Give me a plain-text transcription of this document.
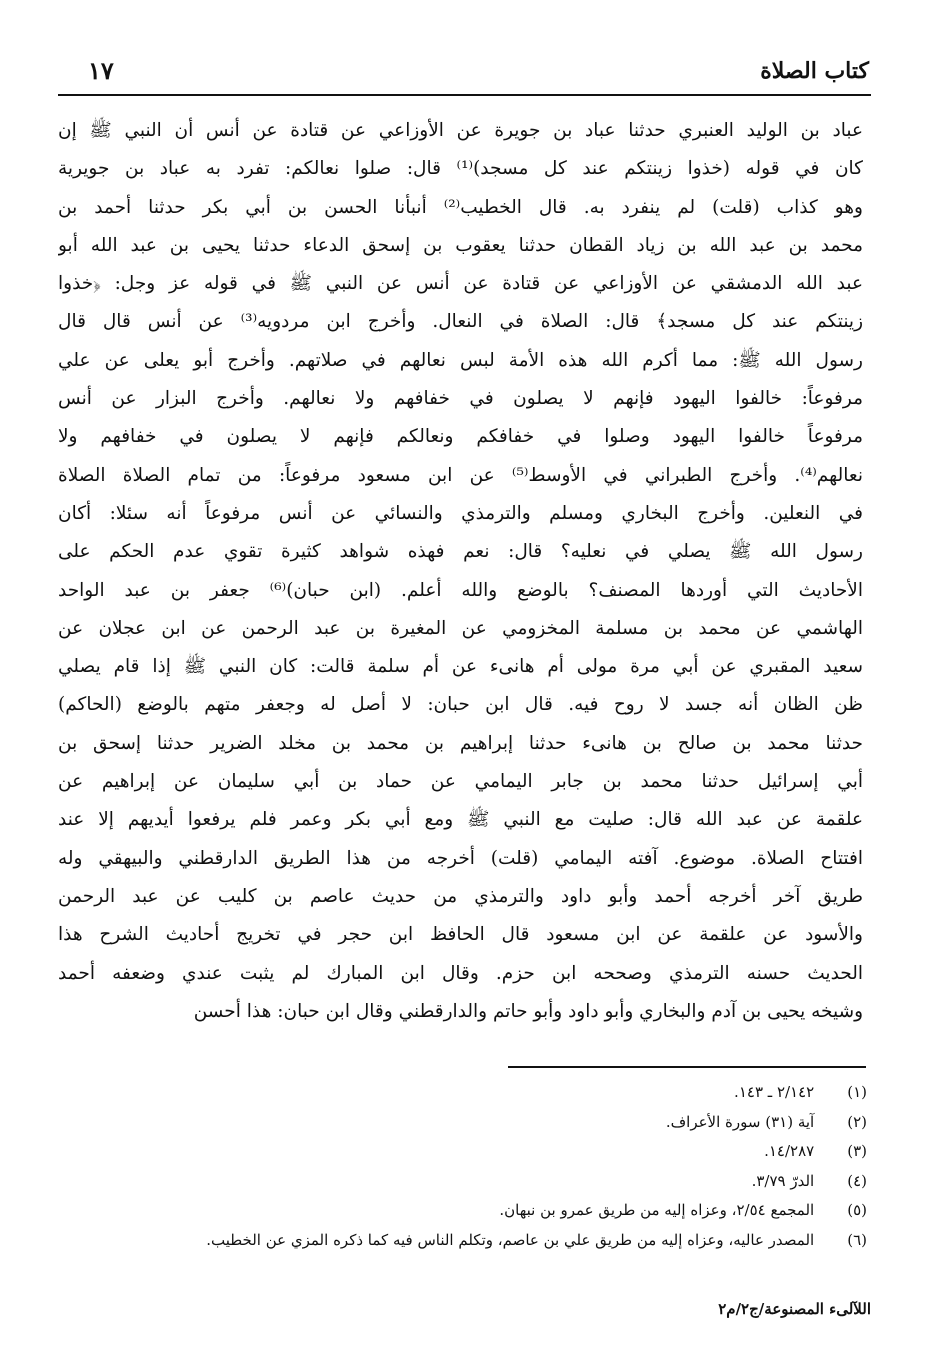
كتاب الصلاة
١٧
عباد بن الوليد العنبري حدثنا عباد بن جويرة عن الأوزاعي عن قتادة عن أنس أن النبي ﷺ إن
كان في قوله (خذوا زينتكم عند كل مسجد)⁽¹⁾ قال: صلوا نعالكم: تفرد به عباد بن جويرية
وهو كذاب (قلت) لم ينفرد به. قال الخطيب⁽²⁾ أنبأنا الحسن بن أبي بكر حدثنا أحمد بن
محمد بن عبد الله بن زياد القطان حدثنا يعقوب بن إسحق الدعاء حدثنا يحيى بن عبد الله أبو
عبد الله الدمشقي عن الأوزاعي عن قتادة عن أنس عن النبي ﷺ في قوله عز وجل: ﴿خذوا
زينتكم عند كل مسجد﴾ قال: الصلاة في النعال. وأخرج ابن مردويه⁽³⁾ عن أنس قال قال
رسول الله ﷺ: مما أكرم الله هذه الأمة لبس نعالهم في صلاتهم. وأخرج أبو يعلى عن علي
مرفوعاً: خالفوا اليهود فإنهم لا يصلون في خفافهم ولا نعالهم. وأخرج البزار عن أنس
مرفوعاً خالفوا اليهود وصلوا في خفافكم ونعالكم فإنهم لا يصلون في خفافهم ولا
نعالهم⁽⁴⁾. وأخرج الطبراني في الأوسط⁽⁵⁾ عن ابن مسعود مرفوعاً: من تمام الصلاة الصلاة
في النعلين. وأخرج البخاري ومسلم والترمذي والنسائي عن أنس مرفوعاً أنه سئلا: أكان
رسول الله ﷺ يصلي في نعليه؟ قال: نعم فهذه شواهد كثيرة تقوي عدم الحكم على
الأحاديث التي أوردها المصنف؟ بالوضع والله أعلم. (ابن حبان)⁽⁶⁾ جعفر بن عبد الواحد
الهاشمي عن محمد بن مسلمة المخزومي عن المغيرة بن عبد الرحمن عن ابن عجلان عن
سعيد المقبري عن أبي مرة مولى أم هانىء عن أم سلمة قالت: كان النبي ﷺ إذا قام يصلي
ظن الظان أنه جسد لا روح فيه. قال ابن حبان: لا أصل له وجعفر متهم بالوضع (الحاكم)
حدثنا محمد بن صالح بن هانىء حدثنا إبراهيم بن محمد بن مخلد الضرير حدثنا إسحق بن
أبي إسرائيل حدثنا محمد بن جابر اليمامي عن حماد بن أبي سليمان عن إبراهيم عن
علقمة عن عبد الله قال: صليت مع النبي ﷺ ومع أبي بكر وعمر فلم يرفعوا أيديهم إلا عند
افتتاح الصلاة. موضوع. آفته اليمامي (قلت) أخرجه من هذا الطريق الدارقطني والبيهقي وله
طريق آخر أخرجه أحمد وأبو داود والترمذي من حديث عاصم بن كليب عن عبد الرحمن
والأسود عن علقمة عن ابن مسعود قال الحافظ ابن حجر في تخريج أحاديث الشرح هذا
الحديث حسنه الترمذي وصححه ابن حزم. وقال ابن المبارك لم يثبت عندي وضعفه أحمد
وشيخه يحيى بن آدم والبخاري وأبو داود وأبو حاتم والدارقطني وقال ابن حبان: هذا أحسن
(١) ٢/١٤٢ ـ ١٤٣.
(٢) آية (٣١) سورة الأعراف.
(٣) ١٤/٢٨٧.
(٤) الدرّ ٣/٧٩.
(٥) المجمع ٢/٥٤، وعزاه إليه من طريق عمرو بن نبهان.
(٦) المصدر عاليه، وعزاه إليه من طريق علي بن عاصم، وتكلم الناس فيه كما ذكره المزي عن الخطيب.
اللآلىء المصنوعة/ج٢/م٢
